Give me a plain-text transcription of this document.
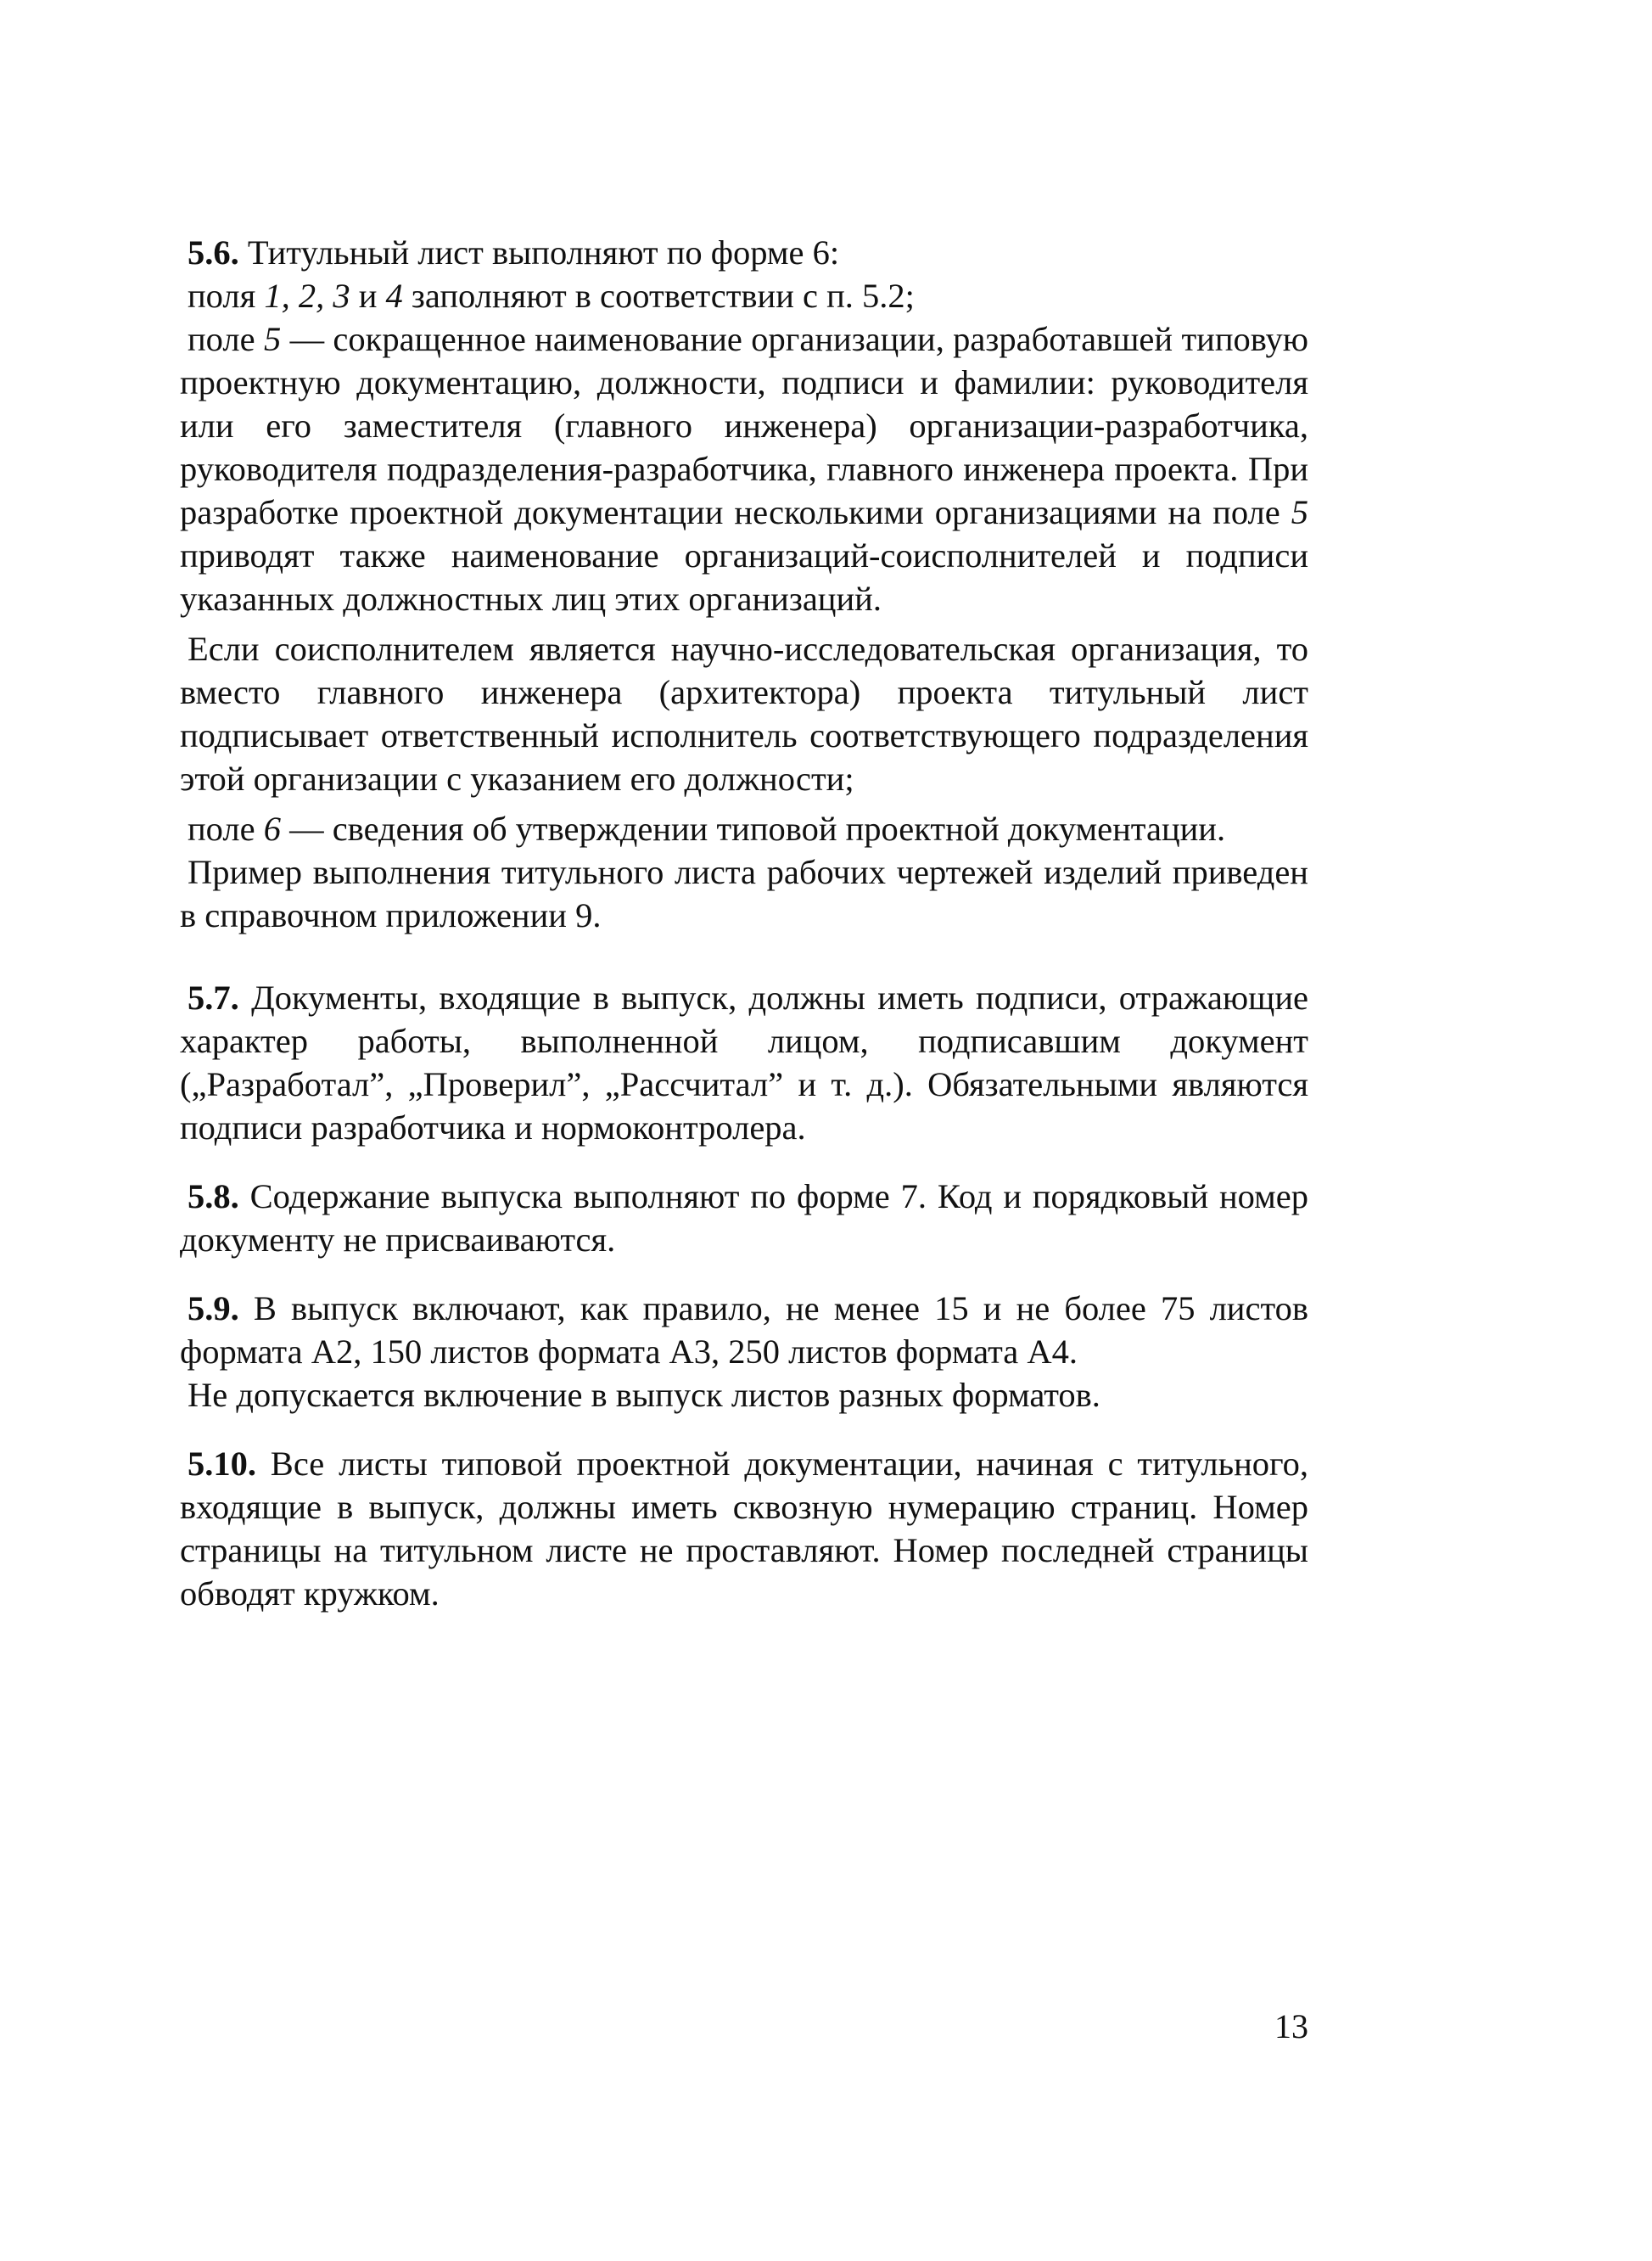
5.6. Титульный лист выполняют по форме 6:

поля 1, 2, 3 и 4 заполняют в соответствии с п. 5.2;

поле 5 — сокращенное наименование организации, разработавшей типовую проектную документацию, должности, подписи и фамилии: руководителя или его заместителя (главного инженера) организации-разработчика, руководителя подразделения-разработчика, главного инженера проекта. При разработке проектной документации несколькими организациями на поле 5 приводят также наименование организаций-соисполнителей и подписи указанных должностных лиц этих организаций.

Если соисполнителем является научно-исследовательская организация, то вместо главного инженера (архитектора) проекта титульный лист подписывает ответственный исполнитель соответствующего подразделения этой организации с указанием его должности;

поле 6 — сведения об утверждении типовой проектной документации.

Пример выполнения титульного листа рабочих чертежей изделий приведен в справочном приложении 9.

5.7. Документы, входящие в выпуск, должны иметь подписи, отражающие характер работы, выполненной лицом, подписавшим документ („Разработал”, „Проверил”, „Рассчитал” и т. д.). Обязательными являются подписи разработчика и нормоконтролера.

5.8. Содержание выпуска выполняют по форме 7. Код и порядковый номер документу не присваиваются.

5.9. В выпуск включают, как правило, не менее 15 и не более 75 листов формата А2, 150 листов формата А3, 250 листов формата А4.

Не допускается включение в выпуск листов разных форматов.

5.10. Все листы типовой проектной документации, начиная с титульного, входящие в выпуск, должны иметь сквозную нумерацию страниц. Номер страницы на титульном листе не проставляют. Номер последней страницы обводят кружком.

13
